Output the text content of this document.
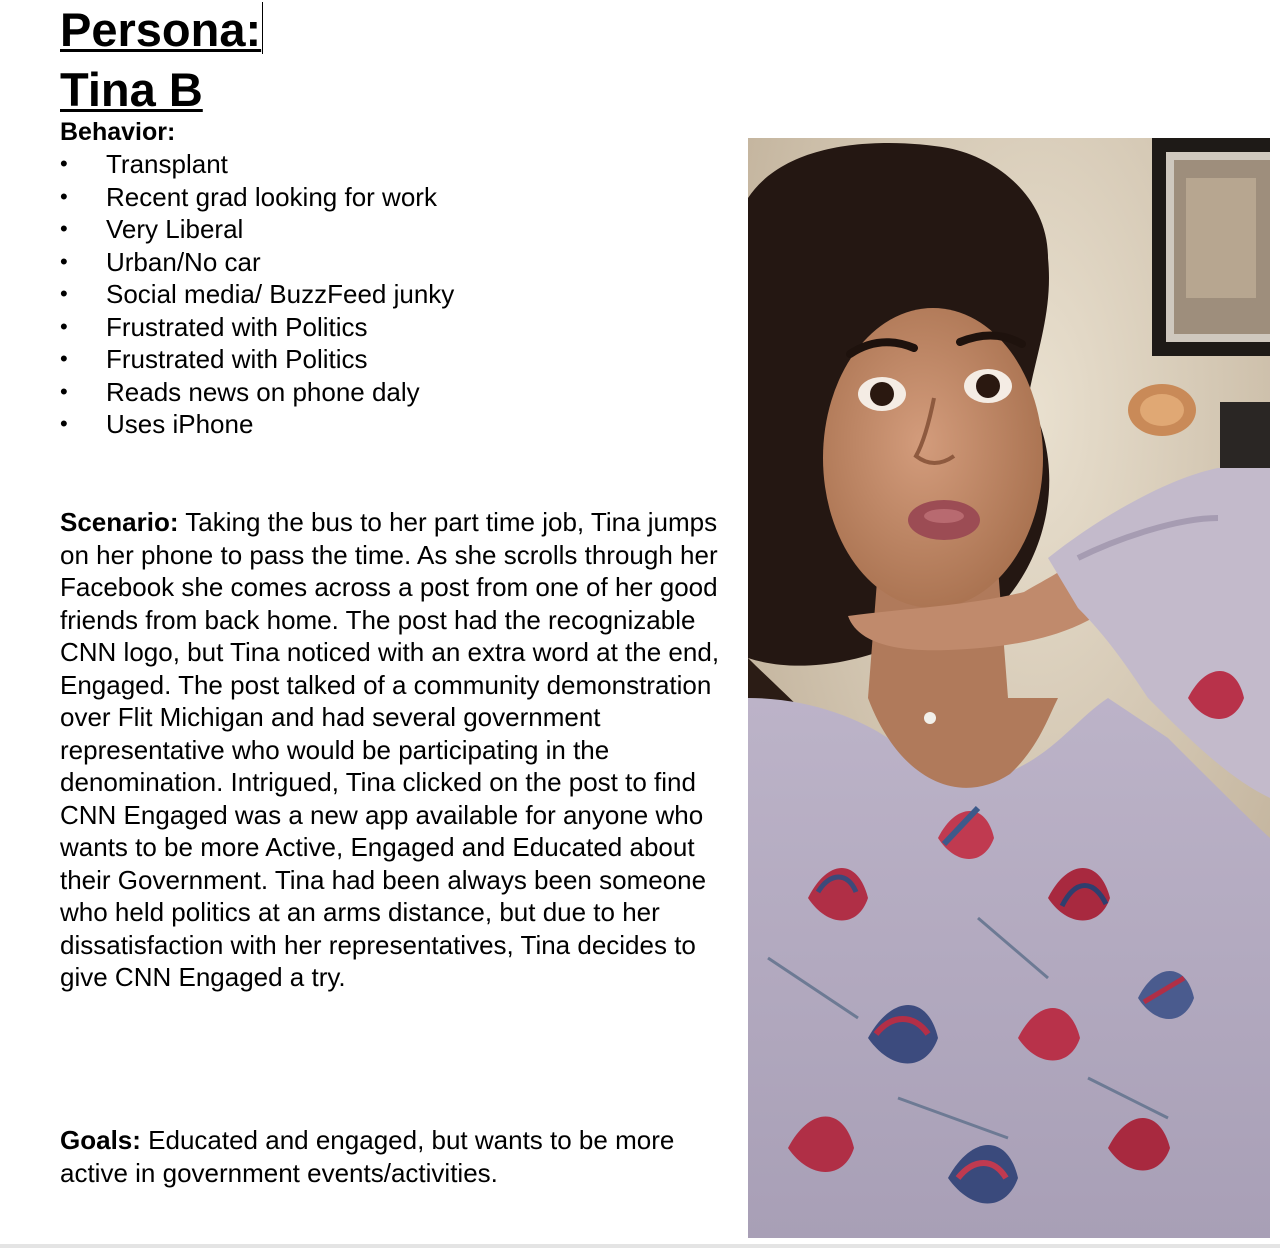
Persona:
Tina B
Behavior:
•	Transplant
•	Recent grad looking for work
•	Very Liberal
•	Urban/No car
•	Social media/ BuzzFeed junky
•	Frustrated with Politics
•	Frustrated with Politics
•	Reads news on phone daly
•	Uses iPhone

Scenario: Taking the bus to her part time job, Tina jumps on her phone to pass the time. As she scrolls through her Facebook she comes across a post from one of her good friends from back home. The post had the recognizable CNN logo, but Tina noticed with an extra word at the end, Engaged. The post talked of a community demonstration over Flit Michigan and had several government representative who would be participating in the denomination. Intrigued, Tina clicked on the post to find CNN Engaged was a new app available for anyone who wants to be more Active, Engaged and Educated about their Government. Tina had been always been someone who held politics at an arms distance, but due to her dissatisfaction with her representatives, Tina decides to give CNN Engaged a try.

Goals: Educated and engaged, but wants to be more active in government events/activities.
